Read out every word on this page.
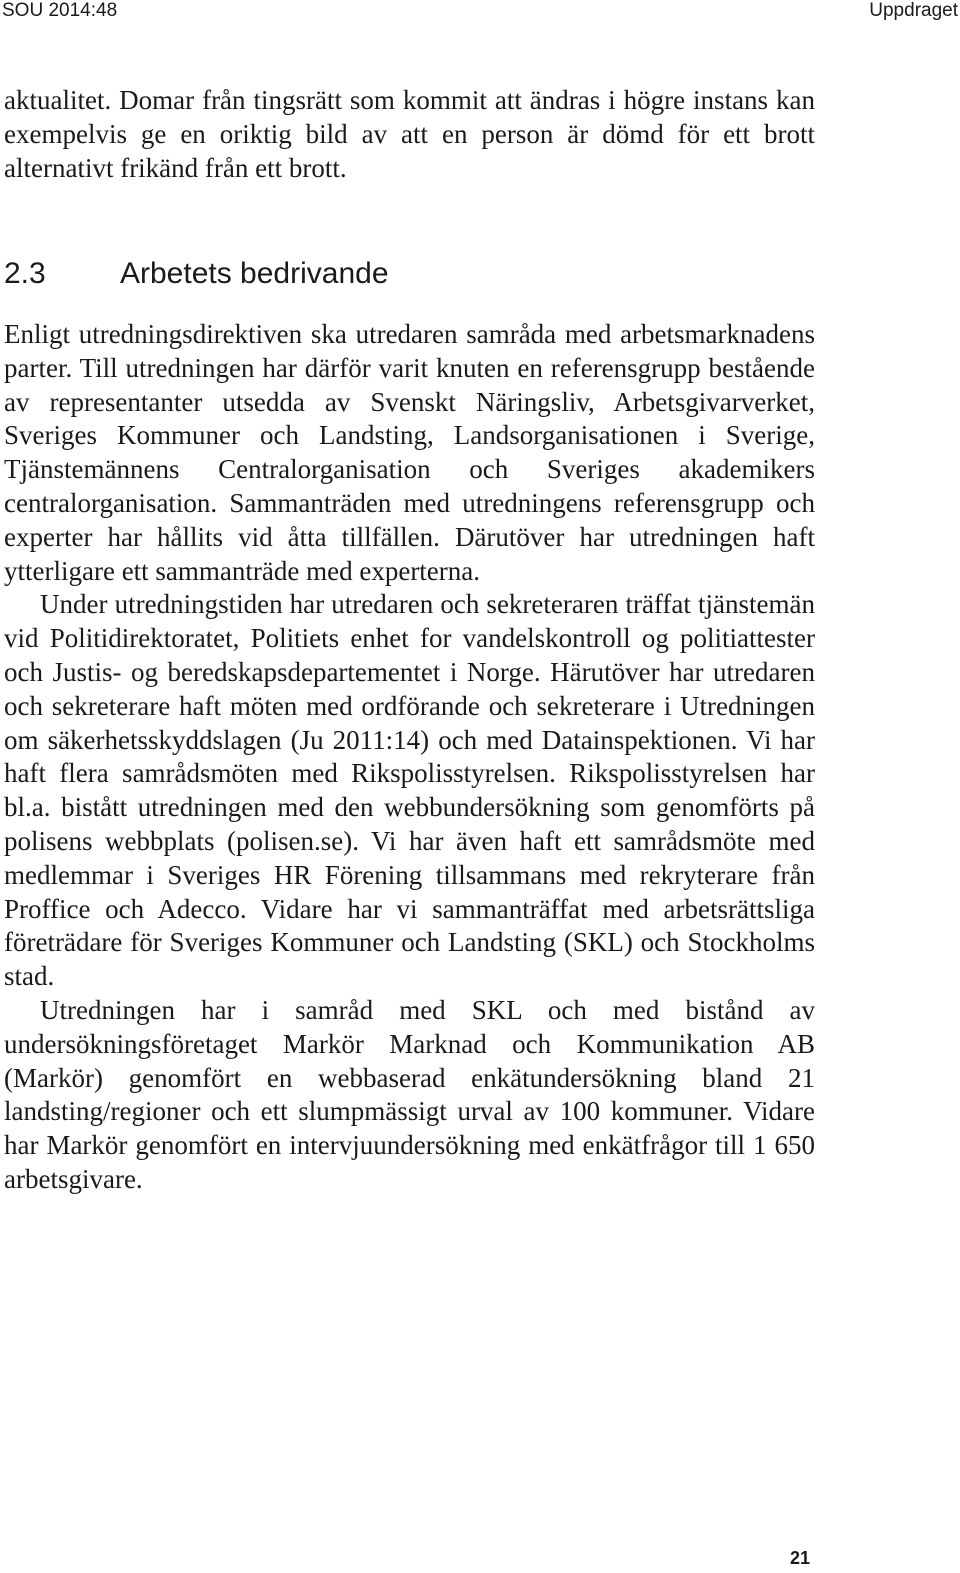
SOU 2014:48	Uppdraget

aktualitet. Domar från tingsrätt som kommit att ändras i högre instans kan exempelvis ge en oriktig bild av att en person är dömd för ett brott alternativt frikänd från ett brott.

2.3 Arbetets bedrivande

Enligt utredningsdirektiven ska utredaren samråda med arbetsmarknadens parter. Till utredningen har därför varit knuten en referensgrupp bestående av representanter utsedda av Svenskt Näringsliv, Arbetsgivarverket, Sveriges Kommuner och Landsting, Landsorganisationen i Sverige, Tjänstemännens Centralorganisation och Sveriges akademikers centralorganisation. Sammanträden med utredningens referensgrupp och experter har hållits vid åtta tillfällen. Därutöver har utredningen haft ytterligare ett sammanträde med experterna.

Under utredningstiden har utredaren och sekreteraren träffat tjänstemän vid Politidirektoratet, Politiets enhet for vandelskontroll og politiattester och Justis- og beredskapsdepartementet i Norge. Härutöver har utredaren och sekreterare haft möten med ordförande och sekreterare i Utredningen om säkerhetsskyddslagen (Ju 2011:14) och med Datainspektionen. Vi har haft flera samrådsmöten med Rikspolisstyrelsen. Rikspolisstyrelsen har bl.a. bistått utredningen med den webbundersökning som genomförts på polisens webbplats (polisen.se). Vi har även haft ett samrådsmöte med medlemmar i Sveriges HR Förening tillsammans med rekryterare från Proffice och Adecco. Vidare har vi sammanträffat med arbetsrättsliga företrädare för Sveriges Kommuner och Landsting (SKL) och Stockholms stad.

Utredningen har i samråd med SKL och med bistånd av undersökningsföretaget Markör Marknad och Kommunikation AB (Markör) genomfört en webbaserad enkätundersökning bland 21 landsting/regioner och ett slumpmässigt urval av 100 kommuner. Vidare har Markör genomfört en intervjuundersökning med enkätfrågor till 1 650 arbetsgivare.

21
